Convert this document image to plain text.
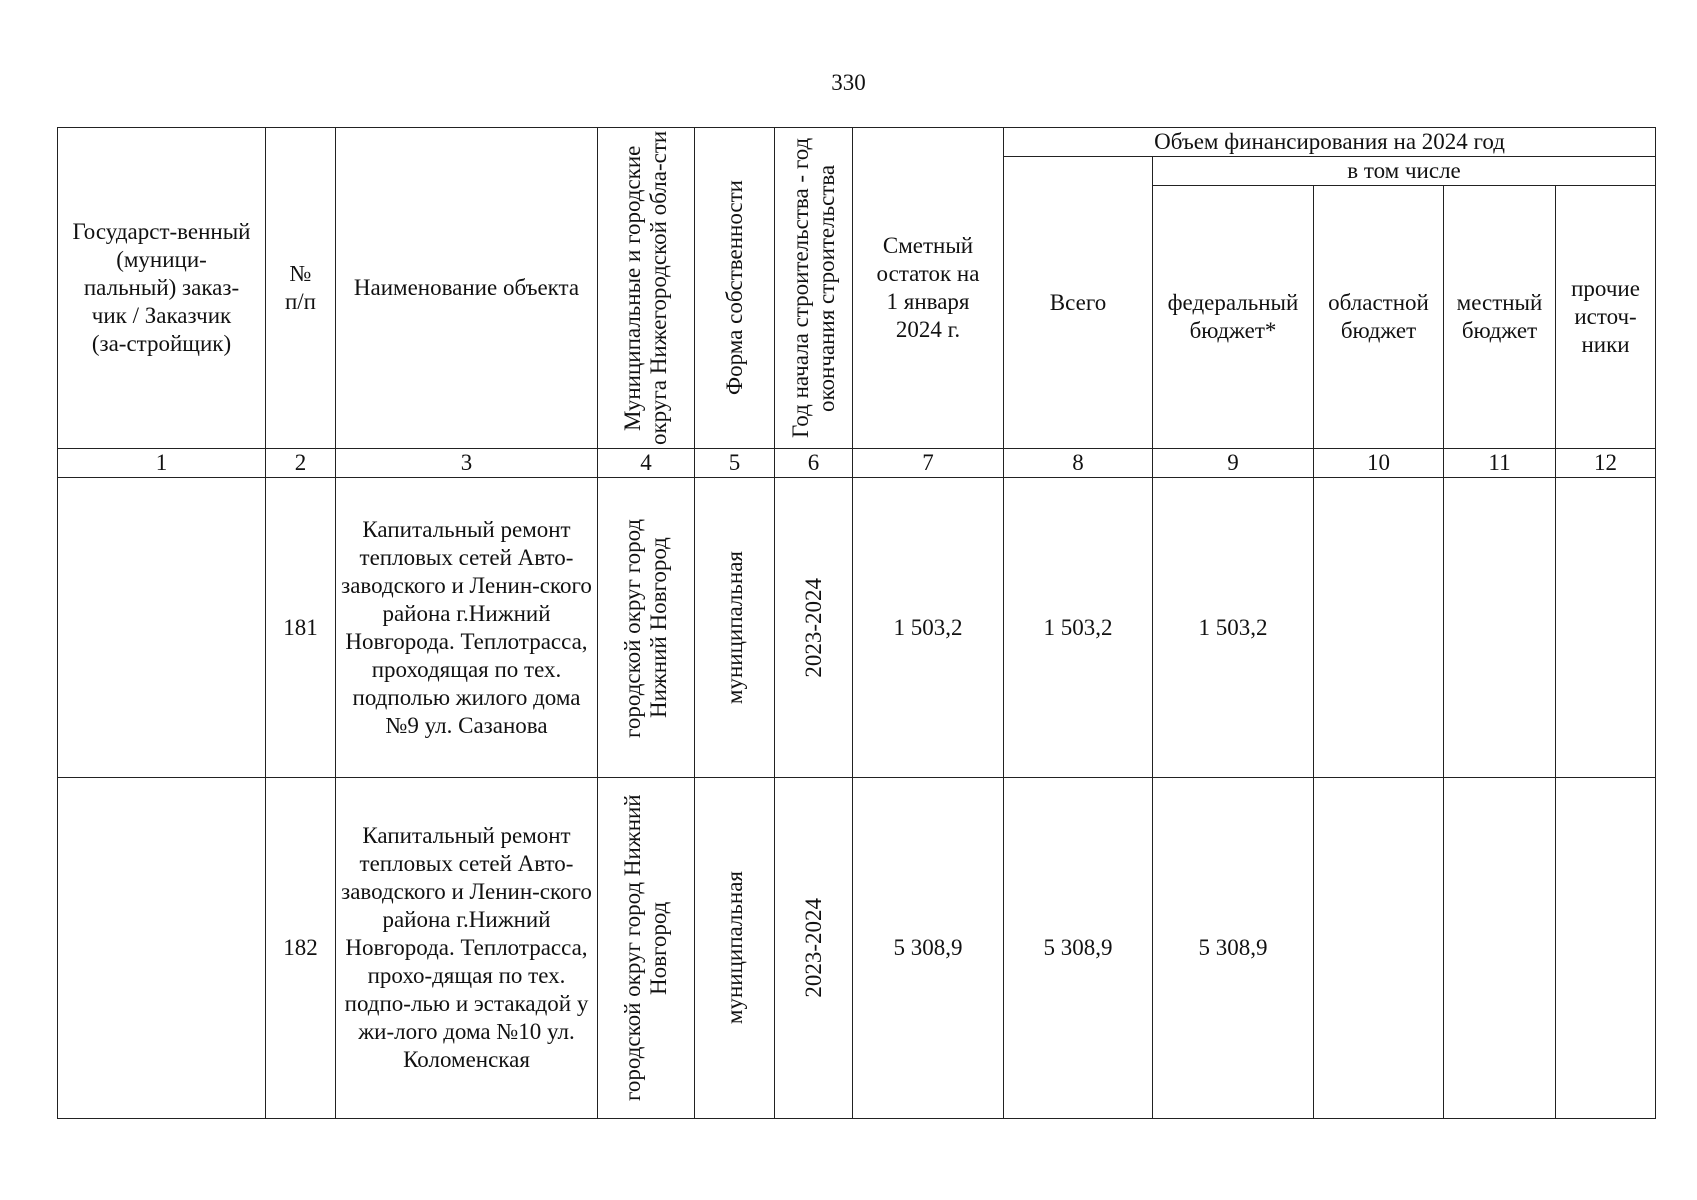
330
Государст-венный (муници-пальный) заказ-чик / Заказчик (за-стройщик)	№ п/п	Наименование объекта	Муниципальные и городские округа Нижегородской обла-сти	Форма собственности	Год начала строительства - год окончания строительства	Сметный остаток на 1 января 2024 г.	Объем финансирования на 2024 год				
							Всего	в том числе			
								федеральный бюджет*	областной бюджет	местный бюджет	прочие источ-ники
1	2	3	4	5	6	7	8	9	10	11	12
	181	Капитальный ремонт тепловых сетей Авто-заводского и Ленин-ского района г.Нижний Новгорода. Теплотрасса, проходящая по тех. подполью жилого дома №9 ул. Сазанова	городской округ город Нижний Новгород	муниципальная	2023-2024	1 503,2	1 503,2	1 503,2			
	182	Капитальный ремонт тепловых сетей Авто-заводского и Ленин-ского района г.Нижний Новгорода. Теплотрасса, прохо-дящая по тех. подпо-лью и эстакадой у жи-лого дома №10 ул. Коломенская	городской округ город Нижний Новгород	муниципальная	2023-2024	5 308,9	5 308,9	5 308,9			
